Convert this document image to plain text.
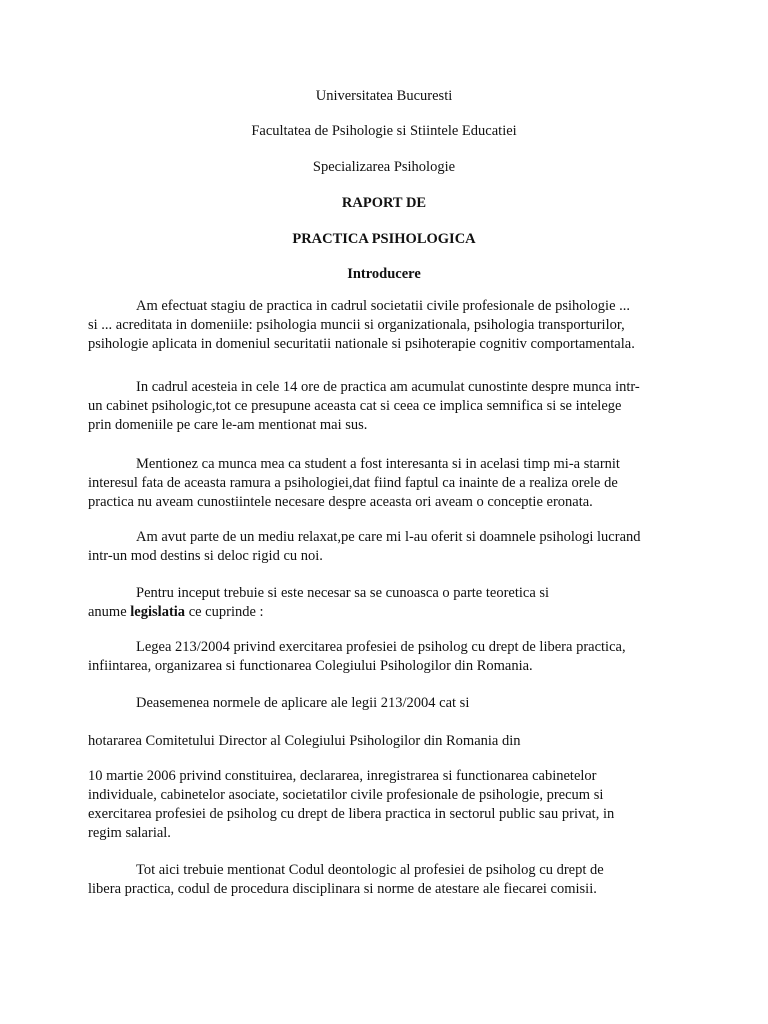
Universitatea Bucuresti

Facultatea de Psihologie si Stiintele Educatiei

Specializarea Psihologie

RAPORT DE

PRACTICA PSIHOLOGICA

Introducere

Am efectuat stagiu de practica in cadrul societatii civile profesionale de psihologie ...
si ... acreditata in domeniile: psihologia muncii si organizationala, psihologia transporturilor,
psihologie aplicata in domeniul securitatii nationale si psihoterapie cognitiv comportamentala.

In cadrul acesteia in cele 14 ore de practica am acumulat cunostinte despre munca intr-
un cabinet psihologic,tot ce presupune aceasta cat si ceea ce implica semnifica si se intelege
prin domeniile pe care le-am mentionat mai sus.

Mentionez ca munca mea ca student a fost interesanta si in acelasi timp mi-a starnit
interesul fata de aceasta ramura a psihologiei,dat fiind faptul ca inainte de a realiza orele de
practica nu aveam cunostiintele necesare despre aceasta ori aveam o conceptie eronata.

Am avut parte de un mediu relaxat,pe care mi l-au oferit si doamnele psihologi lucrand
intr-un mod destins si deloc rigid cu noi.

Pentru inceput trebuie si este necesar sa se cunoasca o parte teoretica si
anume legislatia ce cuprinde :

Legea 213/2004 privind exercitarea profesiei de psiholog cu drept de libera practica,
infiintarea, organizarea si functionarea Colegiului Psihologilor din Romania.

Deasemenea normele de aplicare ale legii 213/2004 cat si

hotararea Comitetului Director al Colegiului Psihologilor din Romania din

10 martie 2006 privind constituirea, declararea, inregistrarea si functionarea cabinetelor
individuale, cabinetelor asociate, societatilor civile profesionale de psihologie, precum si
exercitarea profesiei de psiholog cu drept de libera practica in sectorul public sau privat, in
regim salarial.

Tot aici trebuie mentionat Codul deontologic al profesiei de psiholog cu drept de
libera practica, codul de procedura disciplinara si norme de atestare ale fiecarei comisii.
